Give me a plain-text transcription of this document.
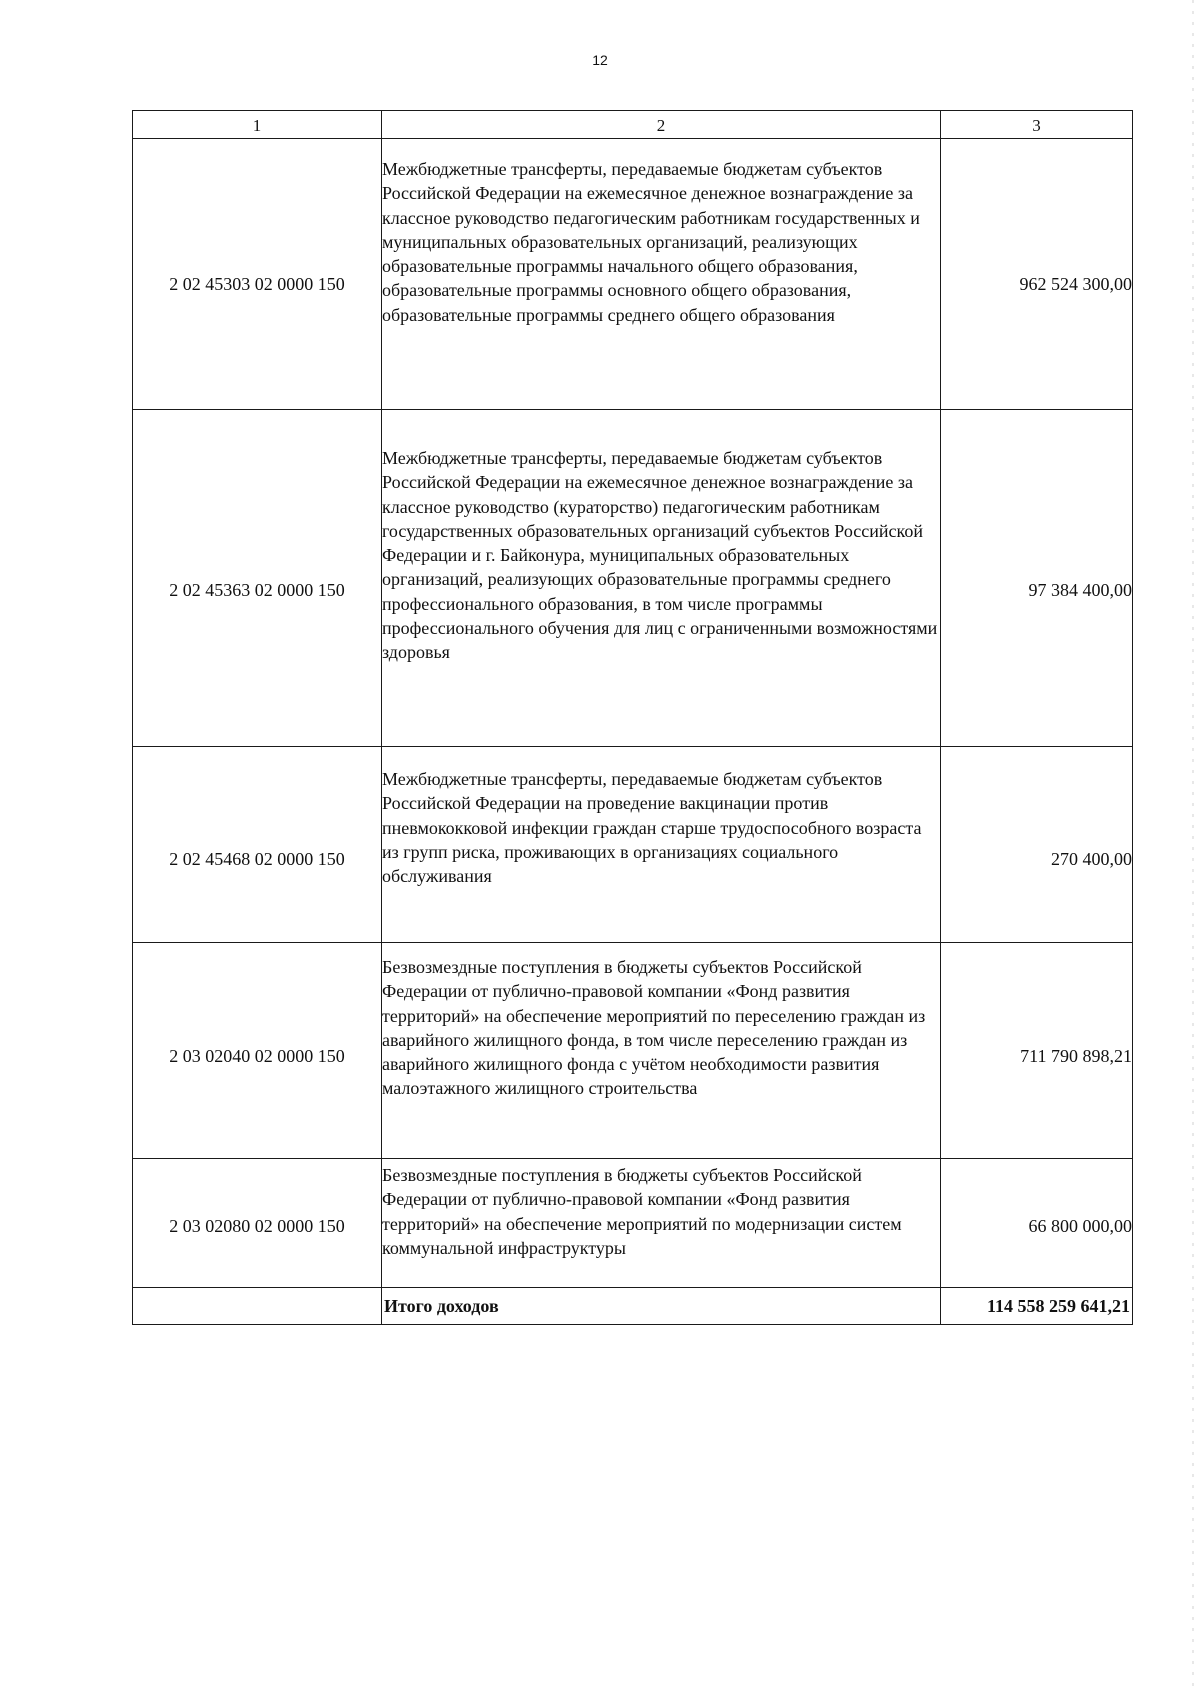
12
1	2	3
2 02 45303 02 0000 150	Межбюджетные трансферты, передаваемые бюджетам субъектов Российской Федерации на ежемесячное денежное вознаграждение за классное руководство педагогическим работникам государственных и муниципальных образовательных организаций, реализующих образовательные программы начального общего образования, образовательные программы основного общего образования, образовательные программы среднего общего образования	962 524 300,00
2 02 45363 02 0000 150	Межбюджетные трансферты, передаваемые бюджетам субъектов Российской Федерации на ежемесячное денежное вознаграждение за классное руководство (кураторство) педагогическим работникам государственных образовательных организаций субъектов Российской Федерации и г. Байконура, муниципальных образовательных организаций, реализующих образовательные программы среднего профессионального образования, в том числе программы профессионального обучения для лиц с ограниченными возможностями здоровья	97 384 400,00
2 02 45468 02 0000 150	Межбюджетные трансферты, передаваемые бюджетам субъектов Российской Федерации на проведение вакцинации против пневмококковой инфекции граждан старше трудоспособного возраста из групп риска, проживающих в организациях социального обслуживания	270 400,00
2 03 02040 02 0000 150	Безвозмездные поступления в бюджеты субъектов Российской Федерации от публично-правовой компании «Фонд развития территорий» на обеспечение мероприятий по переселению граждан из аварийного жилищного фонда, в том числе переселению граждан из аварийного жилищного фонда с учётом необходимости развития малоэтажного жилищного строительства	711 790 898,21
2 03 02080 02 0000 150	Безвозмездные поступления в бюджеты субъектов Российской Федерации от публично-правовой компании «Фонд развития территорий» на обеспечение мероприятий по модернизации систем коммунальной инфраструктуры	66 800 000,00
	Итого доходов	114 558 259 641,21
